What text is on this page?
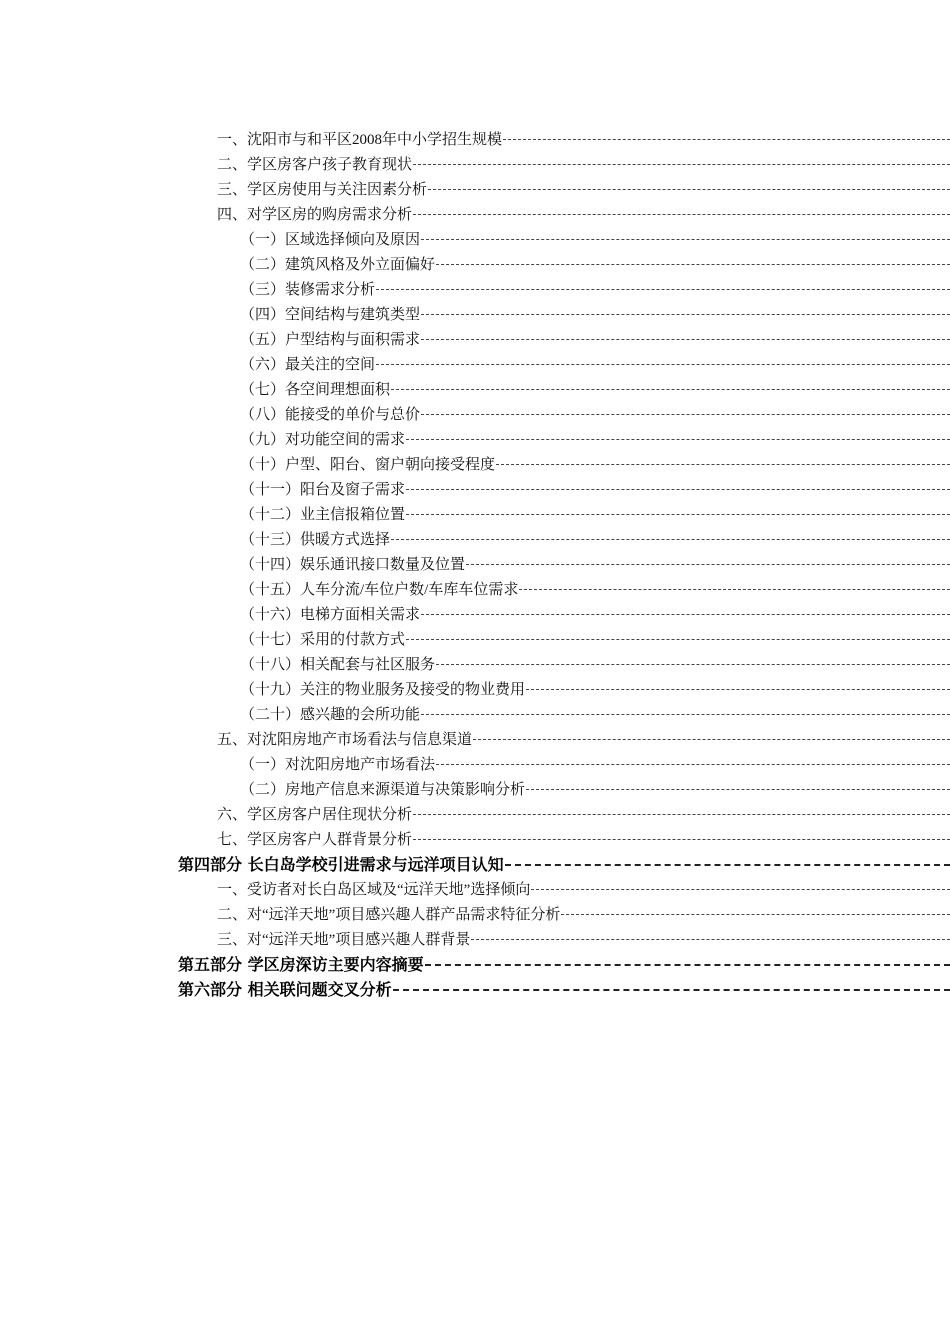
一、沈阳市与和平区2008年中小学招生规模
二、学区房客户孩子教育现状
三、学区房使用与关注因素分析
四、对学区房的购房需求分析
（一）区域选择倾向及原因
（二）建筑风格及外立面偏好
（三）装修需求分析
（四）空间结构与建筑类型
（五）户型结构与面积需求
（六）最关注的空间
（七）各空间理想面积
（八）能接受的单价与总价
（九）对功能空间的需求
（十）户型、阳台、窗户朝向接受程度
（十一）阳台及窗子需求
（十二）业主信报箱位置
（十三）供暖方式选择
（十四）娱乐通讯接口数量及位置
（十五）人车分流/车位户数/车库车位需求
（十六）电梯方面相关需求
（十七）采用的付款方式
（十八）相关配套与社区服务
（十九）关注的物业服务及接受的物业费用
（二十）感兴趣的会所功能
五、对沈阳房地产市场看法与信息渠道
（一）对沈阳房地产市场看法
（二）房地产信息来源渠道与决策影响分析
六、学区房客户居住现状分析
七、学区房客户人群背景分析
第四部分 长白岛学校引进需求与远洋项目认知
一、受访者对长白岛区域及“远洋天地”选择倾向
二、对“远洋天地”项目感兴趣人群产品需求特征分析
三、对“远洋天地”项目感兴趣人群背景
第五部分 学区房深访主要内容摘要
第六部分 相关联问题交叉分析
